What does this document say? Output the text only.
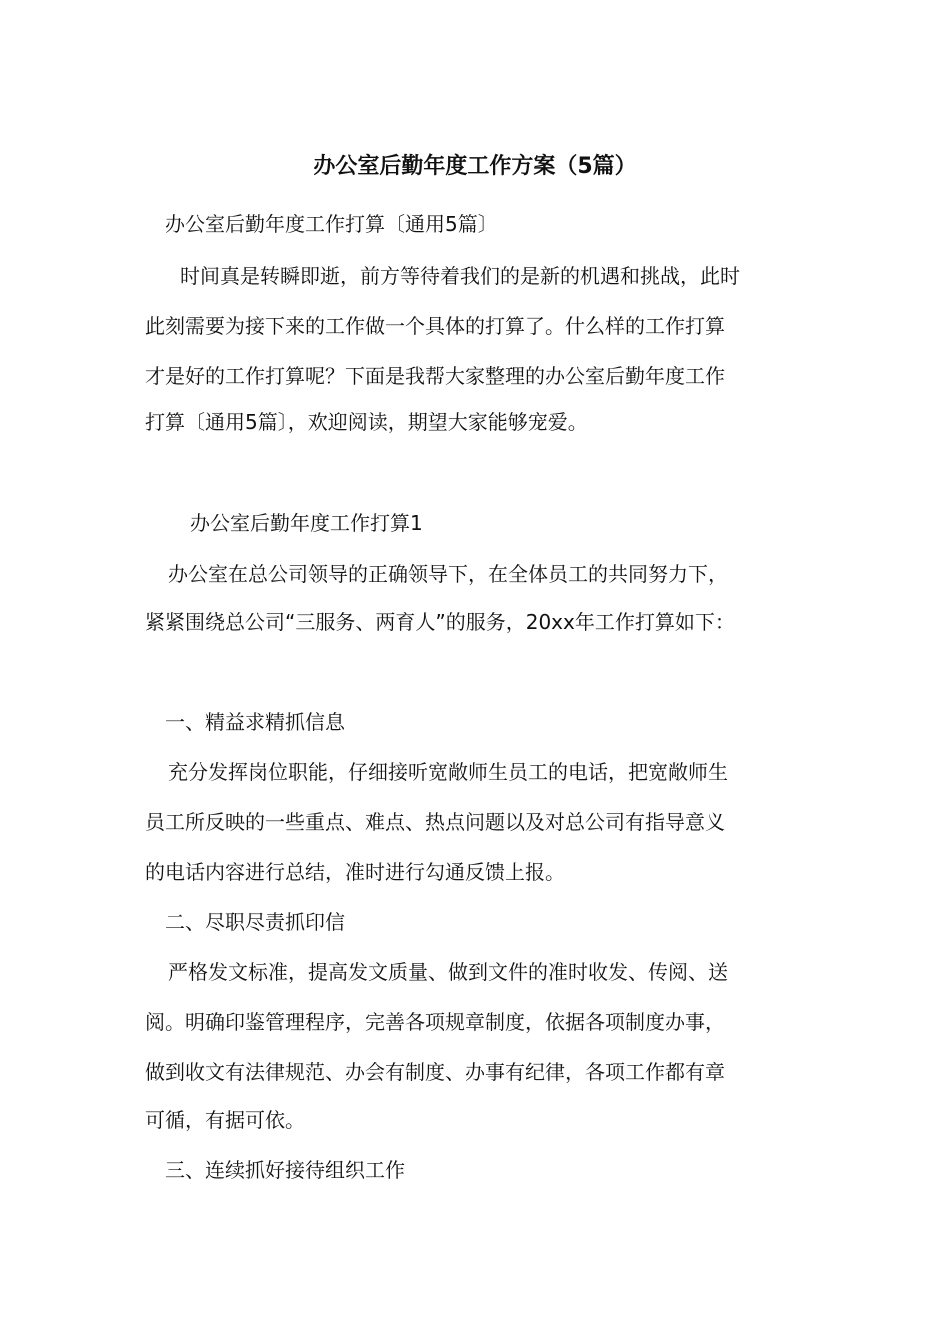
办公室后勤年度工作方案（5篇）
办公室后勤年度工作打算〔通用5篇〕
时间真是转瞬即逝，前方等待着我们的是新的机遇和挑战，此时
此刻需要为接下来的工作做一个具体的打算了。什么样的工作打算
才是好的工作打算呢？下面是我帮大家整理的办公室后勤年度工作
打算〔通用5篇〕，欢迎阅读，期望大家能够宠爱。
办公室后勤年度工作打算1
办公室在总公司领导的正确领导下，在全体员工的共同努力下，
紧紧围绕总公司“三服务、两育人”的服务，20xx年工作打算如下：
一、精益求精抓信息
充分发挥岗位职能，仔细接听宽敞师生员工的电话，把宽敞师生
员工所反映的一些重点、难点、热点问题以及对总公司有指导意义
的电话内容进行总结，准时进行勾通反馈上报。
二、尽职尽责抓印信
严格发文标准，提高发文质量、做到文件的准时收发、传阅、送
阅。明确印鉴管理程序，完善各项规章制度，依据各项制度办事，
做到收文有法律规范、办会有制度、办事有纪律，各项工作都有章
可循，有据可依。
三、连续抓好接待组织工作
